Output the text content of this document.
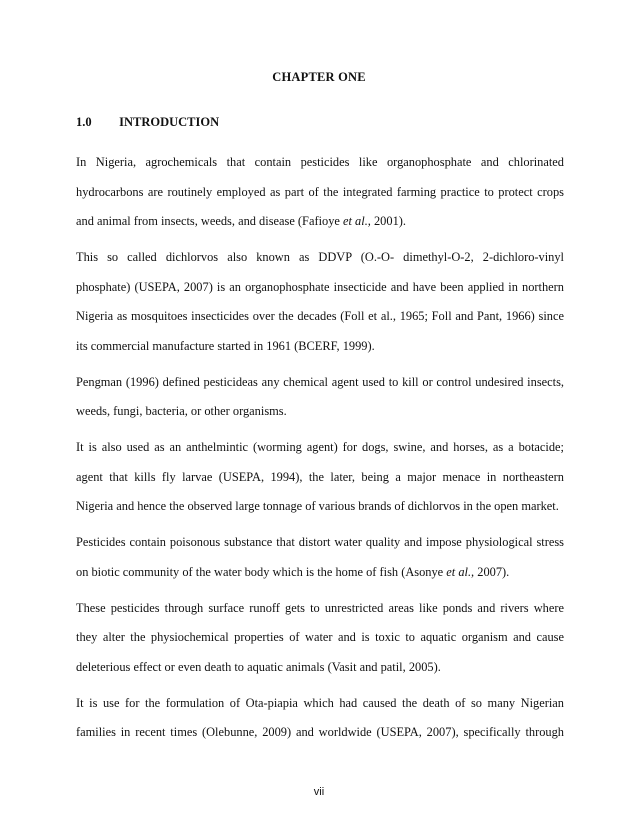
CHAPTER ONE
1.0 INTRODUCTION

In Nigeria, agrochemicals that contain pesticides like organophosphate and chlorinated
hydrocarbons are routinely employed as part of the integrated farming practice to protect crops
and animal from insects, weeds, and disease (Fafioye et al., 2001).

This so called dichlorvos also known as DDVP (O.-O- dimethyl-O-2, 2-dichloro-vinyl
phosphate) (USEPA, 2007) is an organophosphate insecticide and have been applied in northern
Nigeria as mosquitoes insecticides over the decades (Foll et al., 1965; Foll and Pant, 1966) since
its commercial manufacture started in 1961 (BCERF, 1999).

Pengman (1996) defined pesticideas any chemical agent used to kill or control undesired insects,
weeds, fungi, bacteria, or other organisms.

It is also used as an anthelmintic (worming agent) for dogs, swine, and horses, as a botacide;
agent that kills fly larvae (USEPA, 1994), the later, being a major menace in northeastern
Nigeria and hence the observed large tonnage of various brands of dichlorvos in the open market.

Pesticides contain poisonous substance that distort water quality and impose physiological stress
on biotic community of the water body which is the home of fish (Asonye et al., 2007).

These pesticides through surface runoff gets to unrestricted areas like ponds and rivers where
they alter the physiochemical properties of water and is toxic to aquatic organism and cause
deleterious effect or even death to aquatic animals (Vasit and patil, 2005).

It is use for the formulation of Ota-piapia which had caused the death of so many Nigerian
families in recent times (Olebunne, 2009) and worldwide (USEPA, 2007), specifically through

vii
